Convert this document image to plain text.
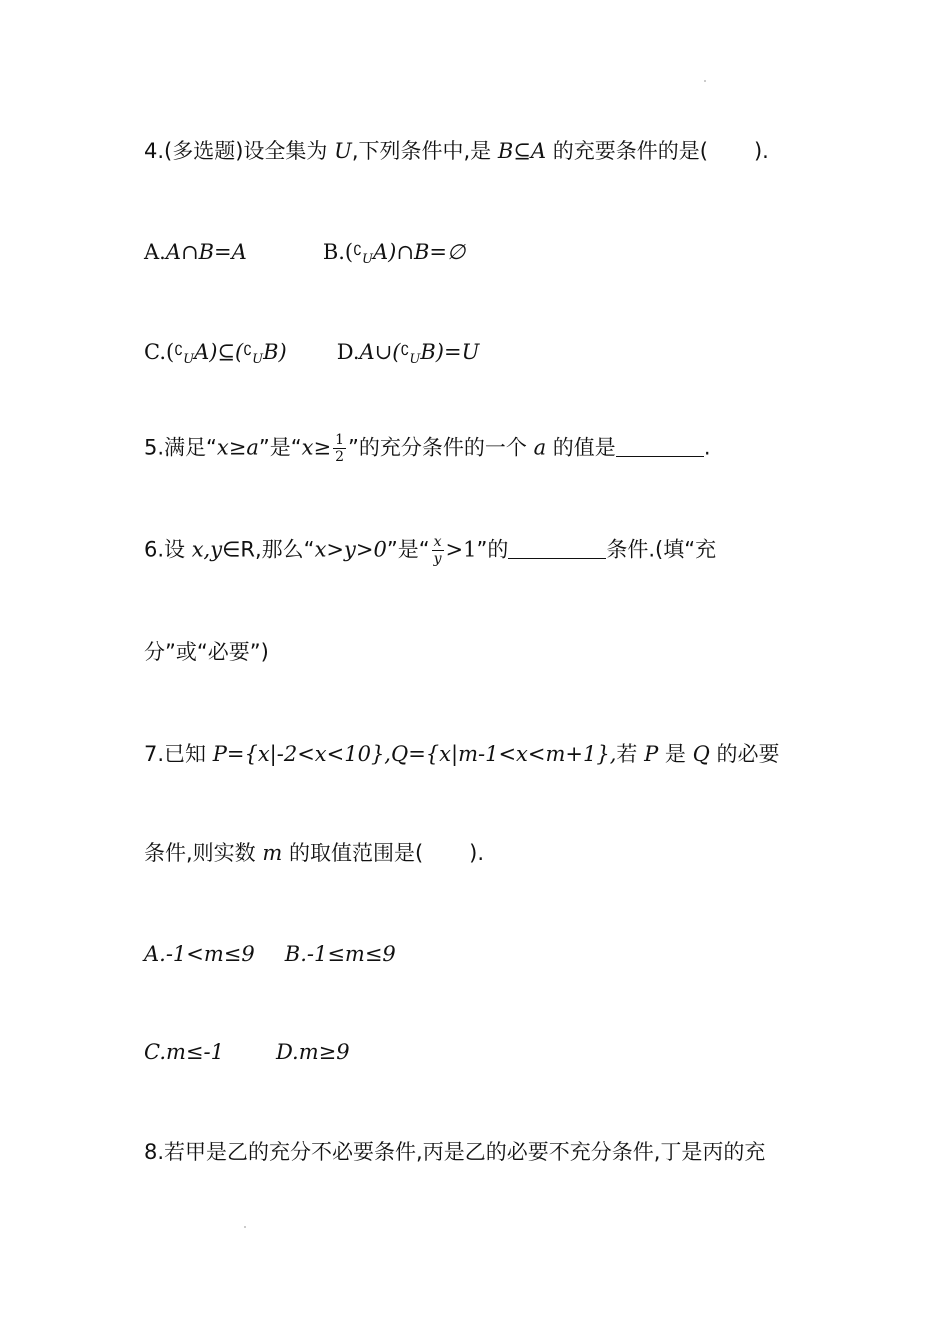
4.(多选题)设全集为 U,下列条件中,是 B⊆A 的充要条件的是( ).
A.A∩B=A	$B.(∁_UA)\cap B=\emptyset$
$C.(∁_UA)⊆(∁_UB)$ $D.A\cup(∁_UB)=U$
5.满足“x≥a”是“$x\ge \frac{1}{2}$ ”的充分条件的一个 a 的值是	.
6.设 x,y∈R,那么“x>y>0”是“ $\frac{x}{y} >1$”的	条件.(填“充
分”或“必要”)
7.已知 P={x|-2<x<10},Q={x|m-1<x<m+1},若 P 是 Q 的必要
条件,则实数 m 的取值范围是( ).
A.-1<m≤9 B.-1≤m≤9
C.m≤-1 D.m≥9
8.若甲是乙的充分不必要条件,丙是乙的必要不充分条件,丁是丙的充
